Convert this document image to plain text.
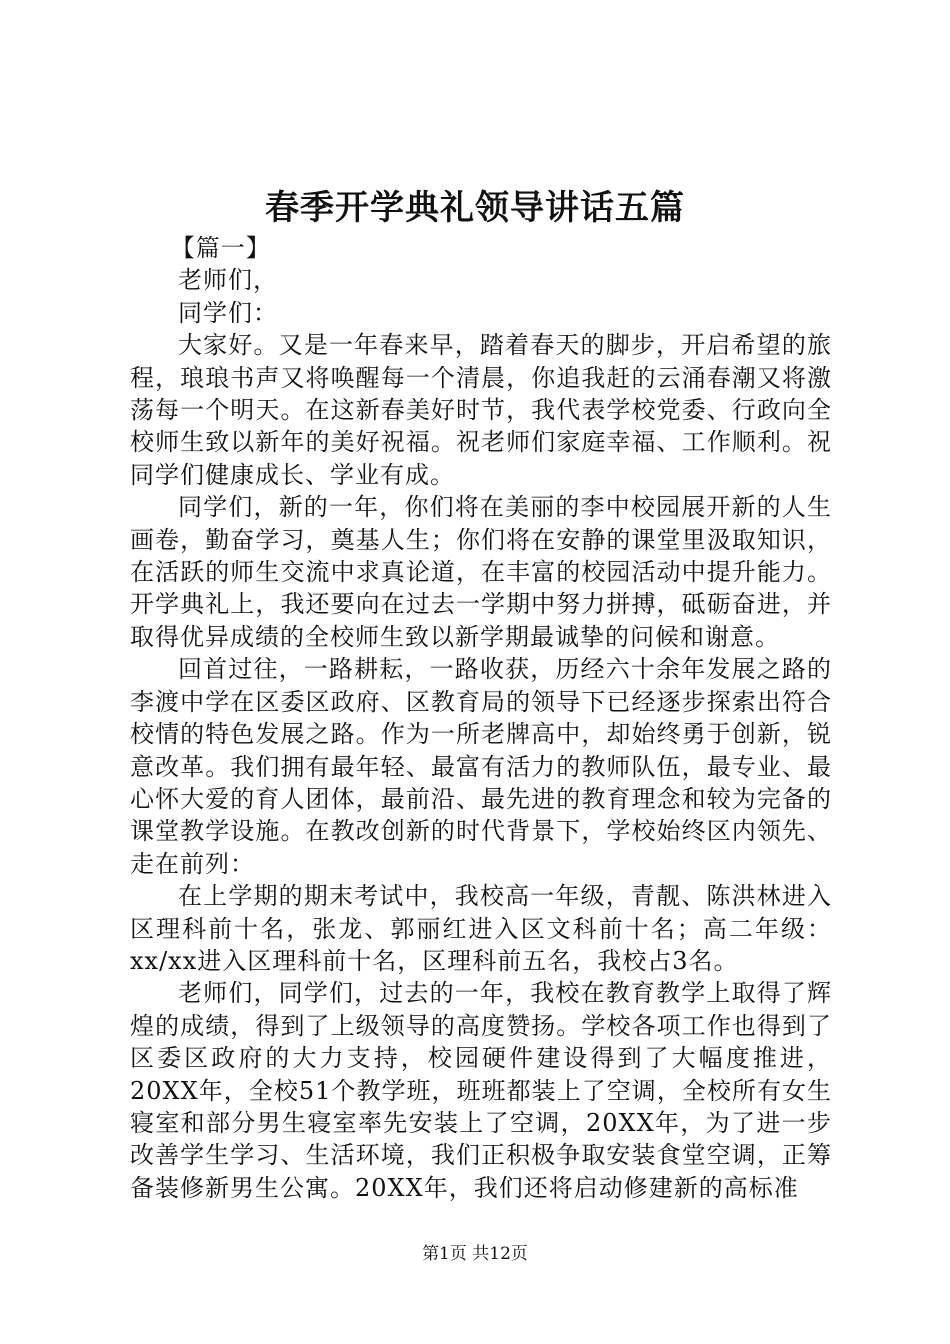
春季开学典礼领导讲话五篇

【篇一】

老师们，

同学们：

大家好。又是一年春来早，踏着春天的脚步，开启希望的旅程，琅琅书声又将唤醒每一个清晨，你追我赶的云涌春潮又将激荡每一个明天。在这新春美好时节，我代表学校党委、行政向全校师生致以新年的美好祝福。祝老师们家庭幸福、工作顺利。祝同学们健康成长、学业有成。

同学们，新的一年，你们将在美丽的李中校园展开新的人生画卷，勤奋学习，奠基人生；你们将在安静的课堂里汲取知识，在活跃的师生交流中求真论道，在丰富的校园活动中提升能力。开学典礼上，我还要向在过去一学期中努力拼搏，砥砺奋进，并取得优异成绩的全校师生致以新学期最诚挚的问候和谢意。

回首过往，一路耕耘，一路收获，历经六十余年发展之路的李渡中学在区委区政府、区教育局的领导下已经逐步探索出符合校情的特色发展之路。作为一所老牌高中，却始终勇于创新，锐意改革。我们拥有最年轻、最富有活力的教师队伍，最专业、最心怀大爱的育人团体，最前沿、最先进的教育理念和较为完备的课堂教学设施。在教改创新的时代背景下，学校始终区内领先、走在前列：

在上学期的期末考试中，我校高一年级，青靓、陈洪林进入区理科前十名，张龙、郭丽红进入区文科前十名；高二年级：xx/xx进入区理科前十名，区理科前五名，我校占3名。

老师们，同学们，过去的一年，我校在教育教学上取得了辉煌的成绩，得到了上级领导的高度赞扬。学校各项工作也得到了区委区政府的大力支持，校园硬件建设得到了大幅度推进，20XX年，全校51个教学班，班班都装上了空调，全校所有女生寝室和部分男生寝室率先安装上了空调，20XX年，为了进一步改善学生学习、生活环境，我们正积极争取安装食堂空调，正筹备装修新男生公寓。20XX年，我们还将启动修建新的高标准

第1页 共12页
